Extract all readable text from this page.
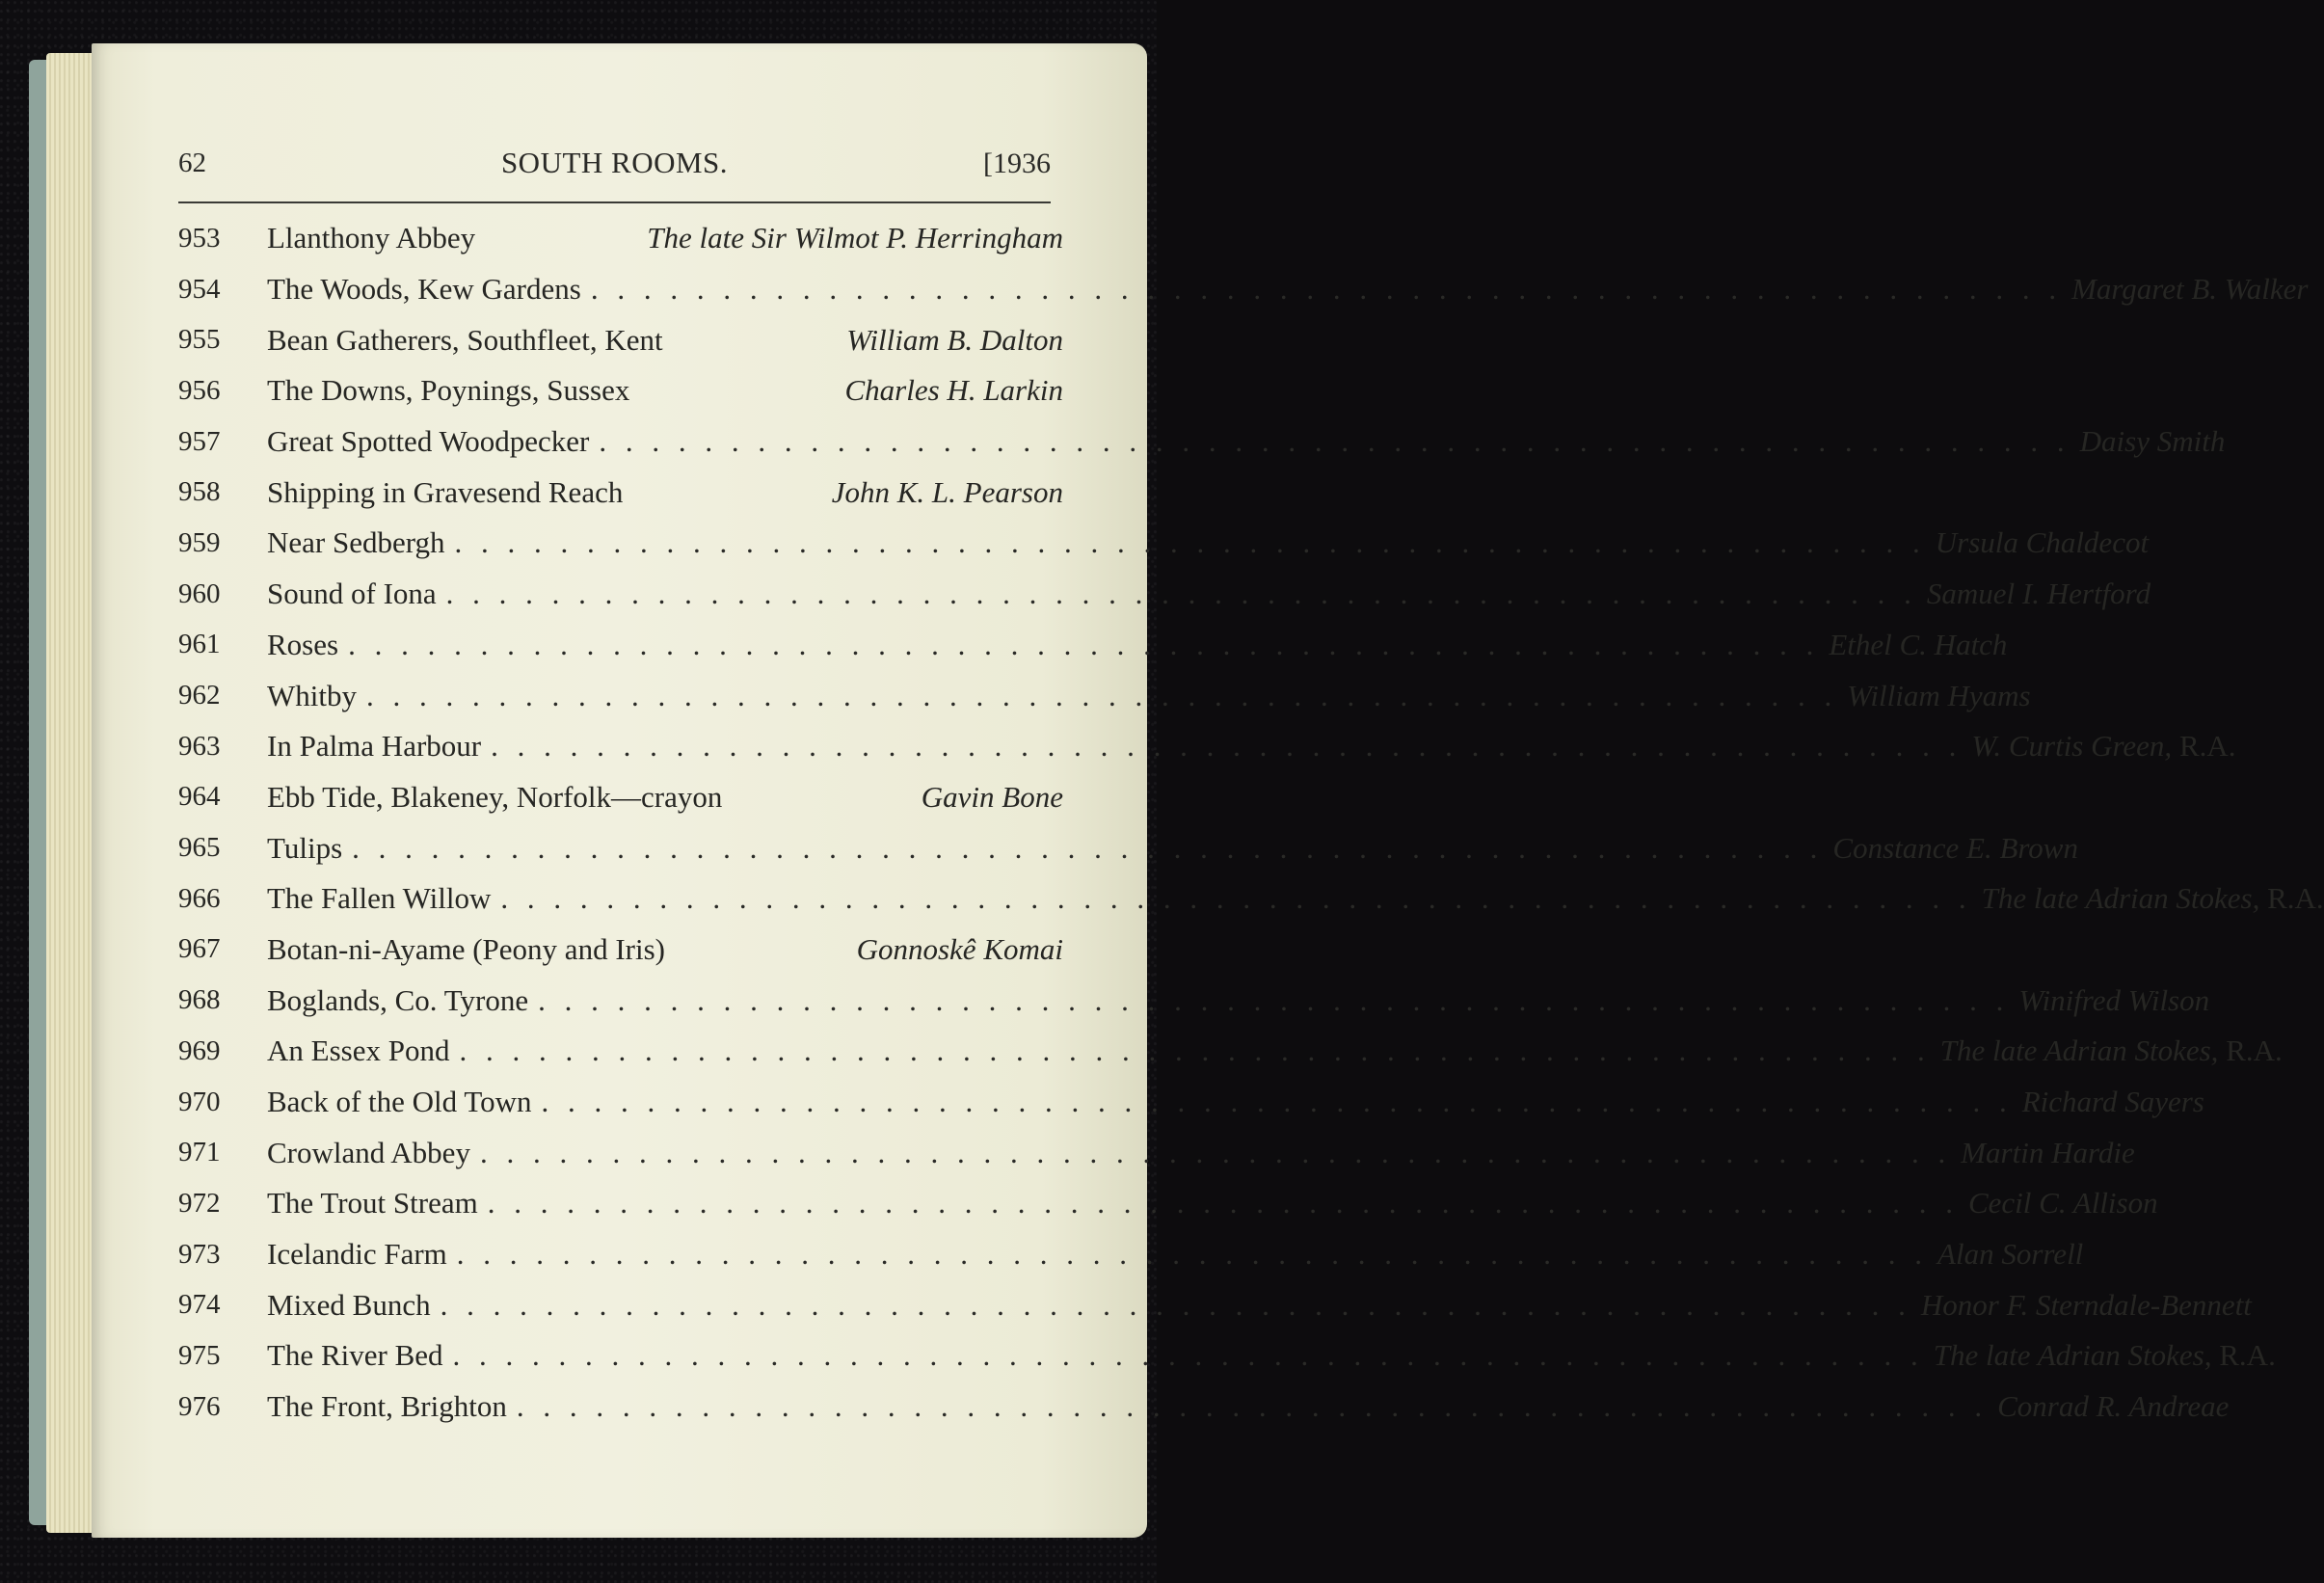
62	SOUTH ROOMS.	[1936
953	Llanthony Abbey	The late Sir Wilmot P. Herringham
954	The Woods, Kew Gardens . . .	Margaret B. Walker
955	Bean Gatherers, Southfleet, Kent	William B. Dalton
956	The Downs, Poynings, Sussex	Charles H. Larkin
957	Great Spotted Woodpecker . . .	Daisy Smith
958	Shipping in Gravesend Reach	John K. L. Pearson
959	Near Sedbergh . . .	Ursula Chaldecot
960	Sound of Iona . . .	Samuel I. Hertford
961	Roses . . .	Ethel C. Hatch
962	Whitby . . .	William Hyams
963	In Palma Harbour . . .	W. Curtis Green, R.A.
964	Ebb Tide, Blakeney, Norfolk—crayon	Gavin Bone
965	Tulips . . .	Constance E. Brown
966	The Fallen Willow . . .	The late Adrian Stokes, R.A.
967	Botan-ni-Ayame (Peony and Iris)	Gonnoskê Komai
968	Boglands, Co. Tyrone . . .	Winifred Wilson
969	An Essex Pond . . .	The late Adrian Stokes, R.A.
970	Back of the Old Town . . .	Richard Sayers
971	Crowland Abbey . . .	Martin Hardie
972	The Trout Stream . . .	Cecil C. Allison
973	Icelandic Farm . . .	Alan Sorrell
974	Mixed Bunch . . .	Honor F. Sterndale-Bennett
975	The River Bed . . .	The late Adrian Stokes, R.A.
976	The Front, Brighton . . .	Conrad R. Andreae
